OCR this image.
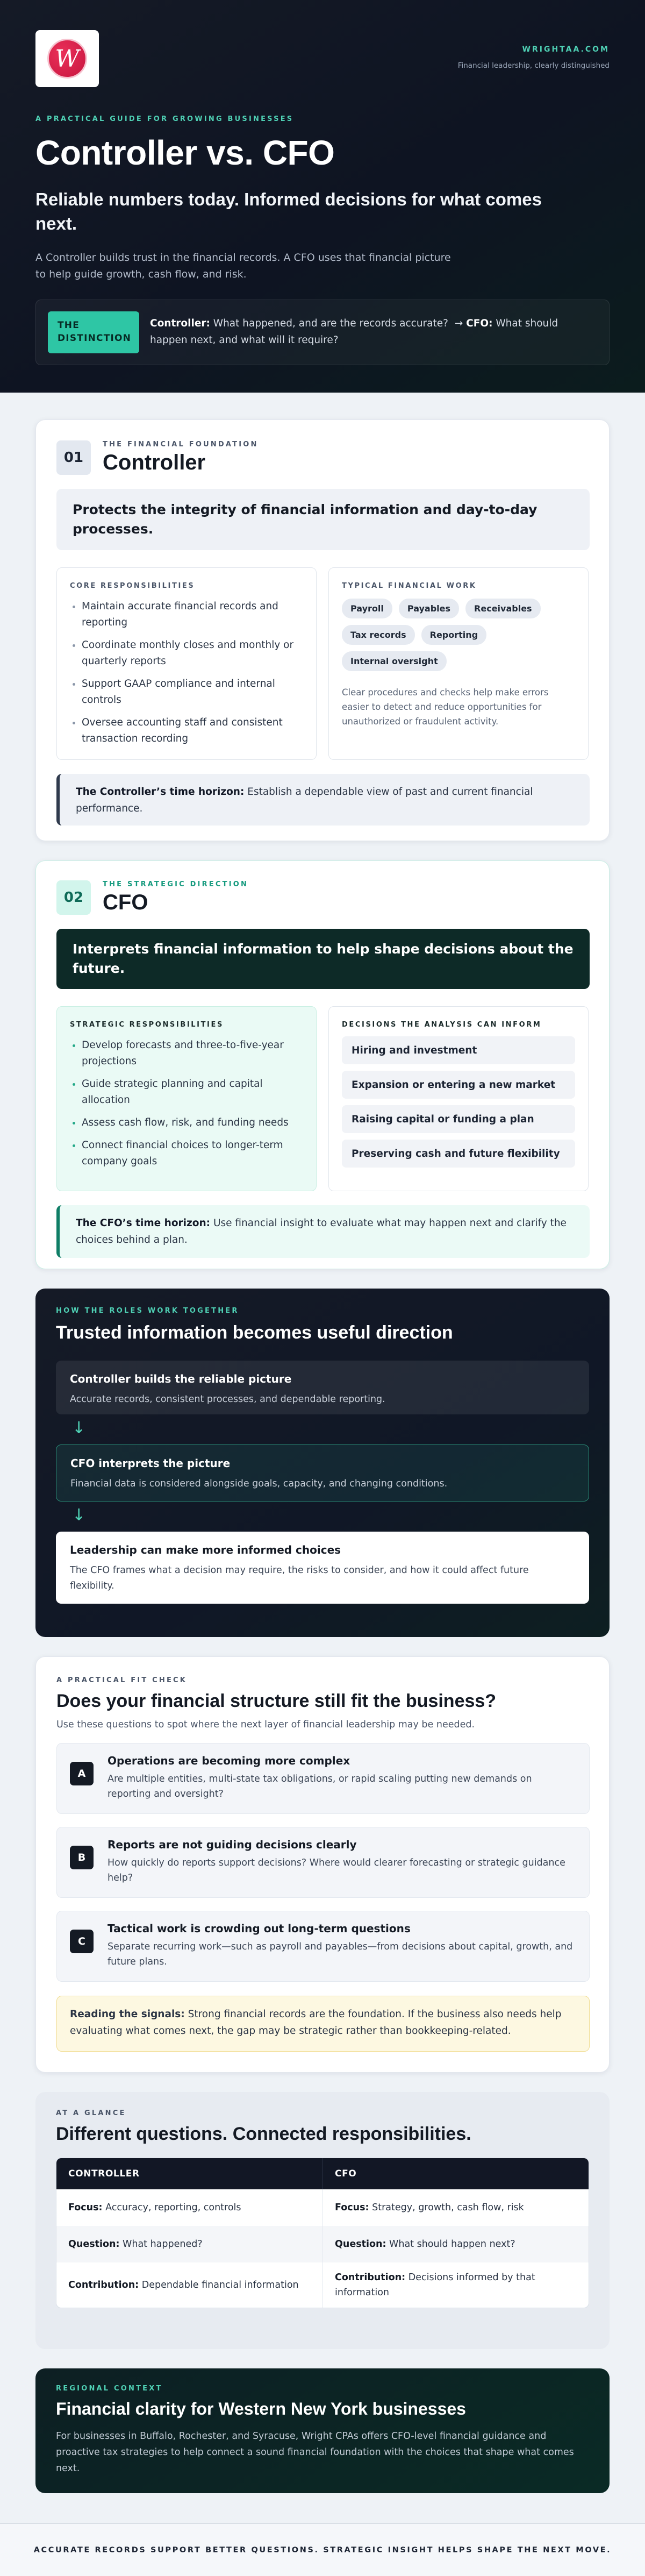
W	WRIGHTAA.COM
Financial leadership, clearly distinguished
A PRACTICAL GUIDE FOR GROWING BUSINESSES
Controller vs. CFO
Reliable numbers today. Informed decisions for what comes next.
A Controller builds trust in the financial records. A CFO uses that financial picture to help guide growth, cash flow, and risk.
THE DISTINCTION
Controller: What happened, and are the records accurate? → CFO: What should happen next, and what will it require?
01
THE FINANCIAL FOUNDATION
Controller
Protects the integrity of financial information and day-to-day processes.
CORE RESPONSIBILITIES
• Maintain accurate financial records and reporting
• Coordinate monthly closes and monthly or quarterly reports
• Support GAAP compliance and internal controls
• Oversee accounting staff and consistent transaction recording
TYPICAL FINANCIAL WORK
Payroll	Payables	Receivables
Tax records	Reporting
Internal oversight
Clear procedures and checks help make errors easier to detect and reduce opportunities for unauthorized or fraudulent activity.
The Controller’s time horizon: Establish a dependable view of past and current financial performance.
02
THE STRATEGIC DIRECTION
CFO
Interprets financial information to help shape decisions about the future.
STRATEGIC RESPONSIBILITIES
• Develop forecasts and three-to-five-year projections
• Guide strategic planning and capital allocation
• Assess cash flow, risk, and funding needs
• Connect financial choices to longer-term company goals
DECISIONS THE ANALYSIS CAN INFORM
Hiring and investment
Expansion or entering a new market
Raising capital or funding a plan
Preserving cash and future flexibility
The CFO’s time horizon: Use financial insight to evaluate what may happen next and clarify the choices behind a plan.
HOW THE ROLES WORK TOGETHER
Trusted information becomes useful direction
Controller builds the reliable picture
Accurate records, consistent processes, and dependable reporting.
↓
CFO interprets the picture
Financial data is considered alongside goals, capacity, and changing conditions.
↓
Leadership can make more informed choices
The CFO frames what a decision may require, the risks to consider, and how it could affect future flexibility.
A PRACTICAL FIT CHECK
Does your financial structure still fit the business?
Use these questions to spot where the next layer of financial leadership may be needed.
A
Operations are becoming more complex
Are multiple entities, multi-state tax obligations, or rapid scaling putting new demands on reporting and oversight?
B
Reports are not guiding decisions clearly
How quickly do reports support decisions? Where would clearer forecasting or strategic guidance help?
C
Tactical work is crowding out long-term questions
Separate recurring work—such as payroll and payables—from decisions about capital, growth, and future plans.
Reading the signals: Strong financial records are the foundation. If the business also needs help evaluating what comes next, the gap may be strategic rather than bookkeeping-related.
AT A GLANCE
Different questions. Connected responsibilities.
CONTROLLER	CFO
Focus: Accuracy, reporting, controls	Focus: Strategy, growth, cash flow, risk
Question: What happened?	Question: What should happen next?
Contribution: Dependable financial information	Contribution: Decisions informed by that information
REGIONAL CONTEXT
Financial clarity for Western New York businesses

For businesses in Buffalo, Rochester, and Syracuse, Wright CPAs offers CFO-level financial guidance and proactive tax strategies to help connect a sound financial foundation with the choices that shape what comes next.

ACCURATE RECORDS SUPPORT BETTER QUESTIONS. STRATEGIC INSIGHT HELPS SHAPE THE NEXT MOVE.
